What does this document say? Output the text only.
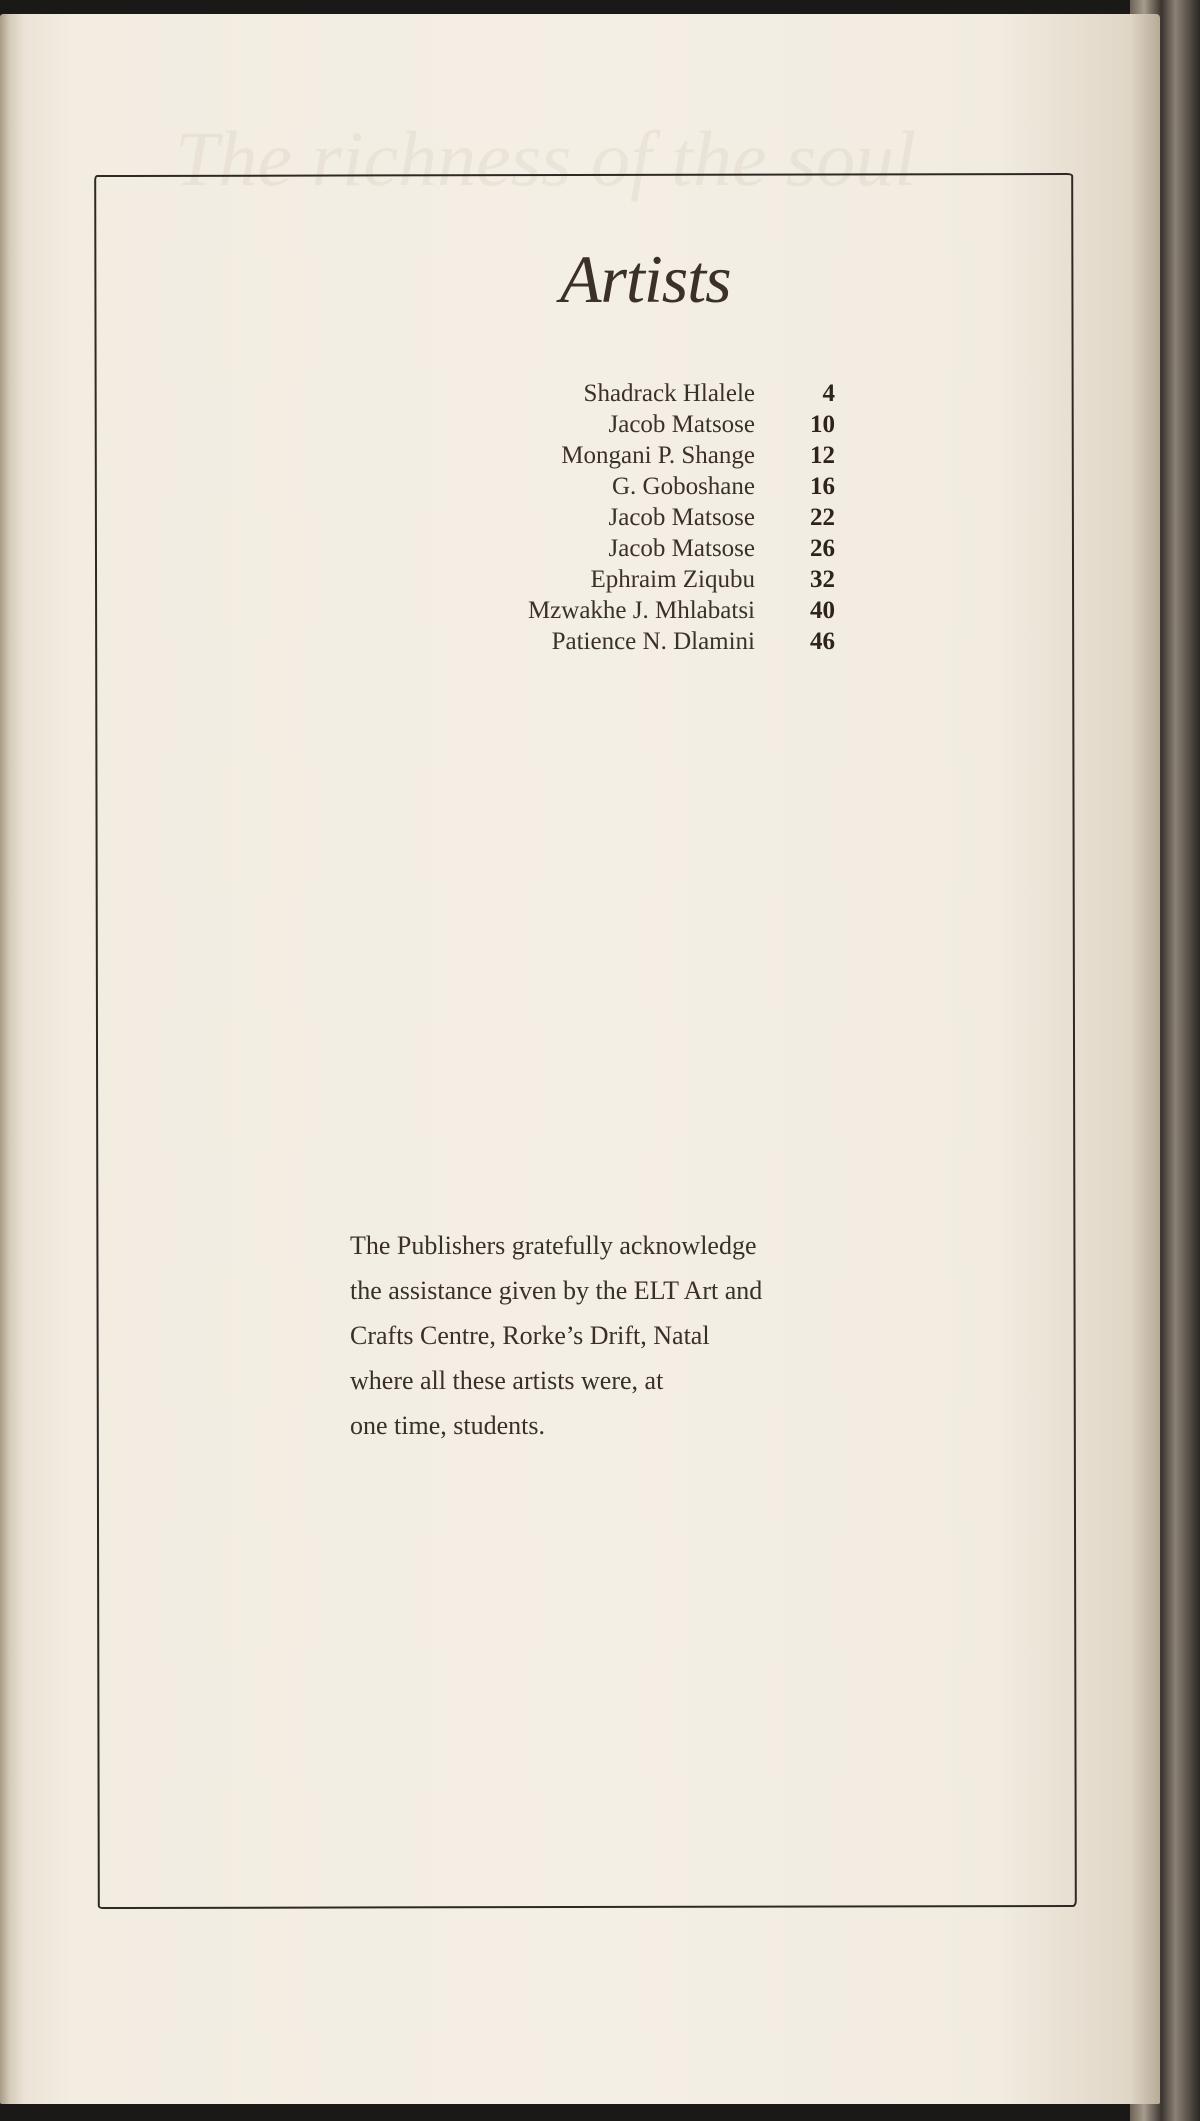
The richness of the soul
Artists
Shadrack Hlalele	4
Jacob Matsose	10
Mongani P. Shange	12
G. Goboshane	16
Jacob Matsose	22
Jacob Matsose	26
Ephraim Ziqubu	32
Mzwakhe J. Mhlabatsi	40
Patience N. Dlamini	46
The Publishers gratefully acknowledge
the assistance given by the ELT Art and
Crafts Centre, Rorke’s Drift, Natal
where all these artists were, at
one time, students.
